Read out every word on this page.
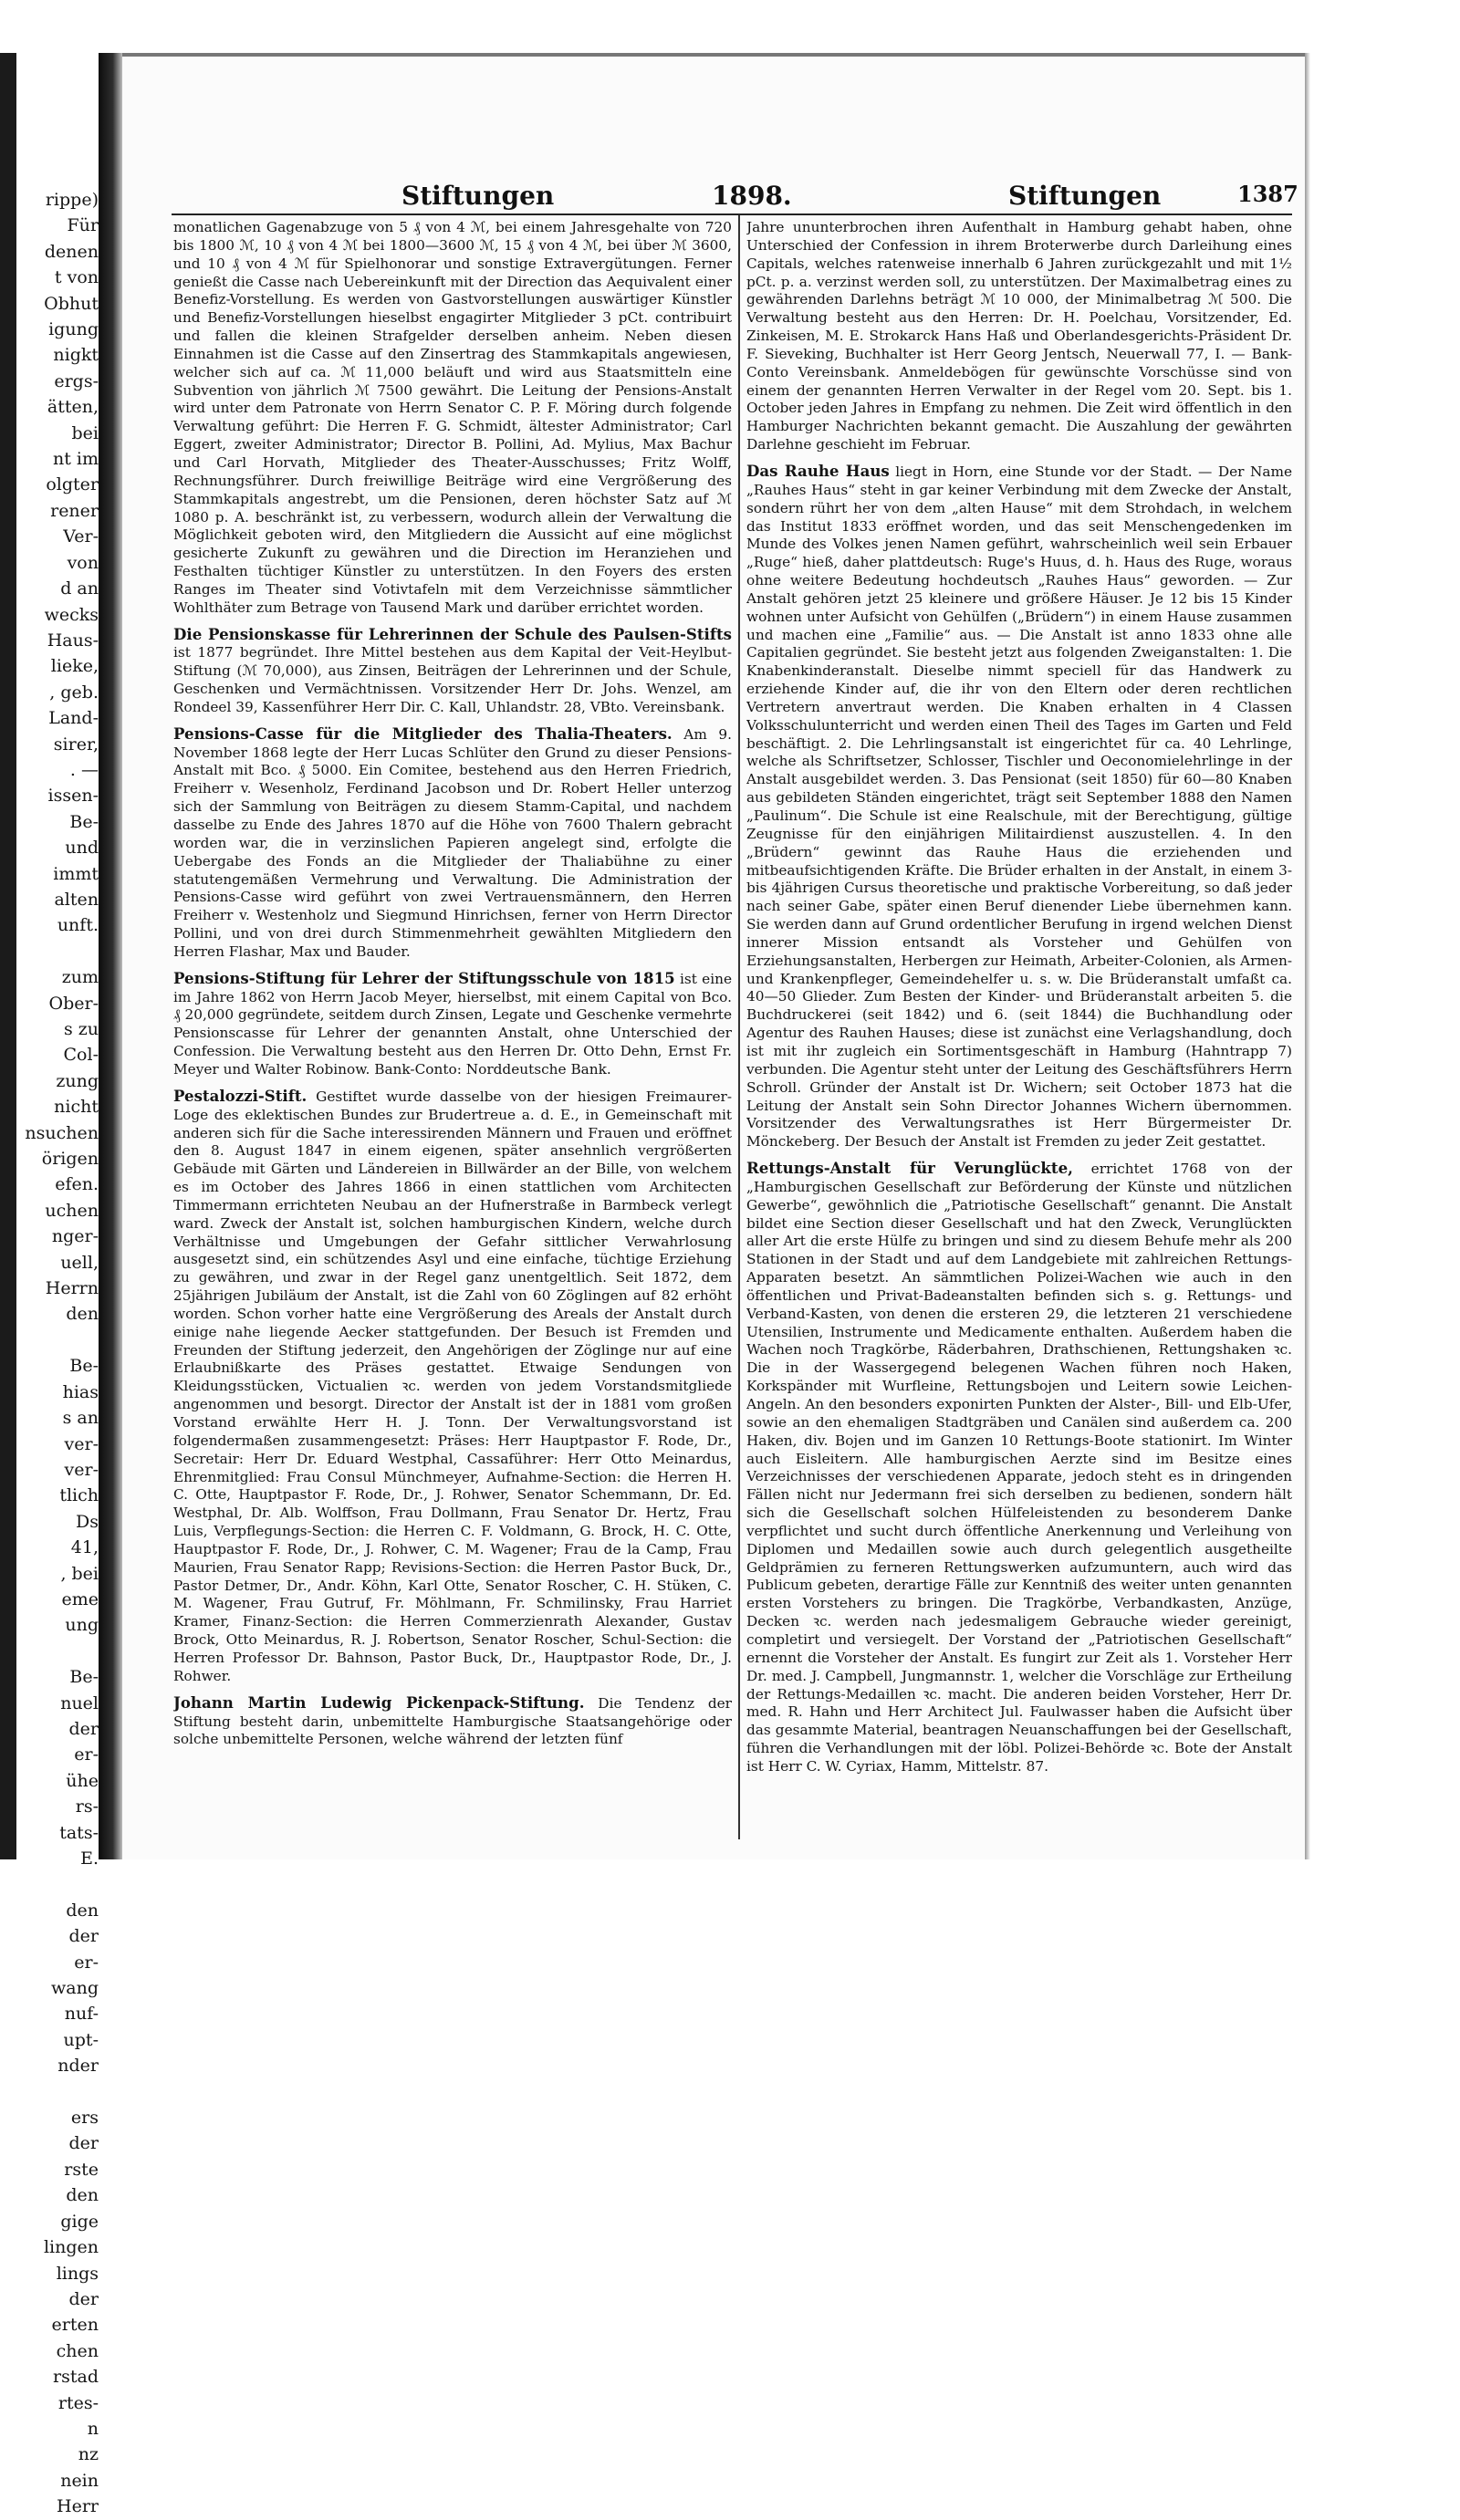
rippe)
Für
denen
t von
Obhut
igung
nigkt
ergs-
ätten,
bei
nt im
olgter
rener
Ver-
von
d an
wecks
Haus-
lieke,
, geb.
Land-
sirer,
. —
issen-
Be-
und
immt
alten
unft.

zum
Ober-
s zu
Col-
zung
nicht
nsuchen
örigen
efen.
uchen
nger-
uell,
Herrn
den

Be-
hias
s an
ver-
ver-
tlich
Ds
41,
, bei
eme
ung

Be-
nuel
der
er-
ühe
rs-
tats-
E.

den
der
er-
wang
nuf-
upt-
nder

ers
der
rste
den
gige
lingen
lings
der
erten
chen
rstad
rtes-
n
nz
nein
Herr
Stiftungen	1898.	Stiftungen	1387

monatlichen Gagenabzuge von 5 ₰ von 4 ℳ, bei einem Jahresgehalte von 720 bis 1800 ℳ, 10 ₰ von 4 ℳ bei 1800—3600 ℳ, 15 ₰ von 4 ℳ, bei über ℳ 3600, und 10 ₰ von 4 ℳ für Spielhonorar und sonstige Extravergütungen. Ferner genießt die Casse nach Uebereinkunft mit der Direction das Aequivalent einer Benefiz-Vorstellung. Es werden von Gastvorstellungen auswärtiger Künstler und Benefiz-Vorstellungen hieselbst engagirter Mitglieder 3 pCt. contribuirt und fallen die kleinen Strafgelder derselben anheim. Neben diesen Einnahmen ist die Casse auf den Zinsertrag des Stammkapitals angewiesen, welcher sich auf ca. ℳ 11,000 beläuft und wird aus Staatsmitteln eine Subvention von jährlich ℳ 7500 gewährt. Die Leitung der Pensions-Anstalt wird unter dem Patronate von Herrn Senator C. P. F. Möring durch folgende Verwaltung geführt: Die Herren F. G. Schmidt, ältester Administrator; Carl Eggert, zweiter Administrator; Director B. Pollini, Ad. Mylius, Max Bachur und Carl Horvath, Mitglieder des Theater-Ausschusses; Fritz Wolff, Rechnungsführer. Durch freiwillige Beiträge wird eine Vergrößerung des Stammkapitals angestrebt, um die Pensionen, deren höchster Satz auf ℳ 1080 p. A. beschränkt ist, zu verbessern, wodurch allein der Verwaltung die Möglichkeit geboten wird, den Mitgliedern die Aussicht auf eine möglichst gesicherte Zukunft zu gewähren und die Direction im Heranziehen und Festhalten tüchtiger Künstler zu unterstützen. In den Foyers des ersten Ranges im Theater sind Votivtafeln mit dem Verzeichnisse sämmtlicher Wohlthäter zum Betrage von Tausend Mark und darüber errichtet worden.

Die Pensionskasse für Lehrerinnen der Schule des Paulsen-Stifts ist 1877 begründet. Ihre Mittel bestehen aus dem Kapital der Veit-Heylbut-Stiftung (ℳ 70,000), aus Zinsen, Beiträgen der Lehrerinnen und der Schule, Geschenken und Vermächtnissen. Vorsitzender Herr Dr. Johs. Wenzel, am Rondeel 39, Kassenführer Herr Dir. C. Kall, Uhlandstr. 28, VBto. Vereinsbank.

Pensions-Casse für die Mitglieder des Thalia-Theaters. Am 9. November 1868 legte der Herr Lucas Schlüter den Grund zu dieser Pensions-Anstalt mit Bco. ₰ 5000. Ein Comitee, bestehend aus den Herren Friedrich, Freiherr v. Wesenholz, Ferdinand Jacobson und Dr. Robert Heller unterzog sich der Sammlung von Beiträgen zu diesem Stamm-Capital, und nachdem dasselbe zu Ende des Jahres 1870 auf die Höhe von 7600 Thalern gebracht worden war, die in verzinslichen Papieren angelegt sind, erfolgte die Uebergabe des Fonds an die Mitglieder der Thaliabühne zu einer statutengemäßen Vermehrung und Verwaltung. Die Administration der Pensions-Casse wird geführt von zwei Vertrauensmännern, den Herren Freiherr v. Westenholz und Siegmund Hinrichsen, ferner von Herrn Director Pollini, und von drei durch Stimmenmehrheit gewählten Mitgliedern den Herren Flashar, Max und Bauder.

Pensions-Stiftung für Lehrer der Stiftungsschule von 1815 ist eine im Jahre 1862 von Herrn Jacob Meyer, hierselbst, mit einem Capital von Bco. ₰ 20,000 gegründete, seitdem durch Zinsen, Legate und Geschenke vermehrte Pensionscasse für Lehrer der genannten Anstalt, ohne Unterschied der Confession. Die Verwaltung besteht aus den Herren Dr. Otto Dehn, Ernst Fr. Meyer und Walter Robinow. Bank-Conto: Norddeutsche Bank.

Pestalozzi-Stift. Gestiftet wurde dasselbe von der hiesigen Freimaurer-Loge des eklektischen Bundes zur Brudertreue a. d. E., in Gemeinschaft mit anderen sich für die Sache interessirenden Männern und Frauen und eröffnet den 8. August 1847 in einem eigenen, später ansehnlich vergrößerten Gebäude mit Gärten und Ländereien in Billwärder an der Bille, von welchem es im October des Jahres 1866 in einen stattlichen vom Architecten Timmermann errichteten Neubau an der Hufnerstraße in Barmbeck verlegt ward. Zweck der Anstalt ist, solchen hamburgischen Kindern, welche durch Verhältnisse und Umgebungen der Gefahr sittlicher Verwahrlosung ausgesetzt sind, ein schützendes Asyl und eine einfache, tüchtige Erziehung zu gewähren, und zwar in der Regel ganz unentgeltlich. Seit 1872, dem 25jährigen Jubiläum der Anstalt, ist die Zahl von 60 Zöglingen auf 82 erhöht worden. Schon vorher hatte eine Vergrößerung des Areals der Anstalt durch einige nahe liegende Aecker stattgefunden. Der Besuch ist Fremden und Freunden der Stiftung jederzeit, den Angehörigen der Zöglinge nur auf eine Erlaubnißkarte des Präses gestattet. Etwaige Sendungen von Kleidungsstücken, Victualien ꝛc. werden von jedem Vorstandsmitgliede angenommen und besorgt. Director der Anstalt ist der in 1881 vom großen Vorstand erwählte Herr H. J. Tonn. Der Verwaltungsvorstand ist folgendermaßen zusammengesetzt: Präses: Herr Hauptpastor F. Rode, Dr., Secretair: Herr Dr. Eduard Westphal, Cassaführer: Herr Otto Meinardus, Ehrenmitglied: Frau Consul Münchmeyer, Aufnahme-Section: die Herren H. C. Otte, Hauptpastor F. Rode, Dr., J. Rohwer, Senator Schemmann, Dr. Ed. Westphal, Dr. Alb. Wolffson, Frau Dollmann, Frau Senator Dr. Hertz, Frau Luis, Verpflegungs-Section: die Herren C. F. Voldmann, G. Brock, H. C. Otte, Hauptpastor F. Rode, Dr., J. Rohwer, C. M. Wagener; Frau de la Camp, Frau Maurien, Frau Senator Rapp; Revisions-Section: die Herren Pastor Buck, Dr., Pastor Detmer, Dr., Andr. Köhn, Karl Otte, Senator Roscher, C. H. Stüken, C. M. Wagener, Frau Gutruf, Fr. Möhlmann, Fr. Schmilinsky, Frau Harriet Kramer, Finanz-Section: die Herren Commerzienrath Alexander, Gustav Brock, Otto Meinardus, R. J. Robertson, Senator Roscher, Schul-Section: die Herren Professor Dr. Bahnson, Pastor Buck, Dr., Hauptpastor Rode, Dr., J. Rohwer.

Johann Martin Ludewig Pickenpack-Stiftung. Die Tendenz der Stiftung besteht darin, unbemittelte Hamburgische Staatsangehörige oder solche unbemittelte Personen, welche während der letzten fünf

Jahre ununterbrochen ihren Aufenthalt in Hamburg gehabt haben, ohne Unterschied der Confession in ihrem Broterwerbe durch Darleihung eines Capitals, welches ratenweise innerhalb 6 Jahren zurückgezahlt und mit 1½ pCt. p. a. verzinst werden soll, zu unterstützen. Der Maximalbetrag eines zu gewährenden Darlehns beträgt ℳ 10 000, der Minimalbetrag ℳ 500. Die Verwaltung besteht aus den Herren: Dr. H. Poelchau, Vorsitzender, Ed. Zinkeisen, M. E. Strokarck Hans Haß und Oberlandesgerichts-Präsident Dr. F. Sieveking, Buchhalter ist Herr Georg Jentsch, Neuerwall 77, I. — Bank-Conto Vereinsbank. Anmeldebögen für gewünschte Vorschüsse sind von einem der genannten Herren Verwalter in der Regel vom 20. Sept. bis 1. October jeden Jahres in Empfang zu nehmen. Die Zeit wird öffentlich in den Hamburger Nachrichten bekannt gemacht. Die Auszahlung der gewährten Darlehne geschieht im Februar.

Das Rauhe Haus liegt in Horn, eine Stunde vor der Stadt. — Der Name „Rauhes Haus“ steht in gar keiner Verbindung mit dem Zwecke der Anstalt, sondern rührt her von dem „alten Hause“ mit dem Strohdach, in welchem das Institut 1833 eröffnet worden, und das seit Menschengedenken im Munde des Volkes jenen Namen geführt, wahrscheinlich weil sein Erbauer „Ruge“ hieß, daher plattdeutsch: Ruge's Huus, d. h. Haus des Ruge, woraus ohne weitere Bedeutung hochdeutsch „Rauhes Haus“ geworden. — Zur Anstalt gehören jetzt 25 kleinere und größere Häuser. Je 12 bis 15 Kinder wohnen unter Aufsicht von Gehülfen („Brüdern“) in einem Hause zusammen und machen eine „Familie“ aus. — Die Anstalt ist anno 1833 ohne alle Capitalien gegründet. Sie besteht jetzt aus folgenden Zweiganstalten: 1. Die Knabenkinderanstalt. Dieselbe nimmt speciell für das Handwerk zu erziehende Kinder auf, die ihr von den Eltern oder deren rechtlichen Vertretern anvertraut werden. Die Knaben erhalten in 4 Classen Volksschulunterricht und werden einen Theil des Tages im Garten und Feld beschäftigt. 2. Die Lehrlingsanstalt ist eingerichtet für ca. 40 Lehrlinge, welche als Schriftsetzer, Schlosser, Tischler und Oeconomielehrlinge in der Anstalt ausgebildet werden. 3. Das Pensionat (seit 1850) für 60—80 Knaben aus gebildeten Ständen eingerichtet, trägt seit September 1888 den Namen „Paulinum“. Die Schule ist eine Realschule, mit der Berechtigung, gültige Zeugnisse für den einjährigen Militairdienst auszustellen. 4. In den „Brüdern“ gewinnt das Rauhe Haus die erziehenden und mitbeaufsichtigenden Kräfte. Die Brüder erhalten in der Anstalt, in einem 3- bis 4jährigen Cursus theoretische und praktische Vorbereitung, so daß jeder nach seiner Gabe, später einen Beruf dienender Liebe übernehmen kann. Sie werden dann auf Grund ordentlicher Berufung in irgend welchen Dienst innerer Mission entsandt als Vorsteher und Gehülfen von Erziehungsanstalten, Herbergen zur Heimath, Arbeiter-Colonien, als Armen- und Krankenpfleger, Gemeindehelfer u. s. w. Die Brüderanstalt umfaßt ca. 40—50 Glieder. Zum Besten der Kinder- und Brüderanstalt arbeiten 5. die Buchdruckerei (seit 1842) und 6. (seit 1844) die Buchhandlung oder Agentur des Rauhen Hauses; diese ist zunächst eine Verlagshandlung, doch ist mit ihr zugleich ein Sortimentsgeschäft in Hamburg (Hahntrapp 7) verbunden. Die Agentur steht unter der Leitung des Geschäftsführers Herrn Schroll. Gründer der Anstalt ist Dr. Wichern; seit October 1873 hat die Leitung der Anstalt sein Sohn Director Johannes Wichern übernommen. Vorsitzender des Verwaltungsrathes ist Herr Bürgermeister Dr. Mönckeberg. Der Besuch der Anstalt ist Fremden zu jeder Zeit gestattet.

Rettungs-Anstalt für Verunglückte, errichtet 1768 von der „Hamburgischen Gesellschaft zur Beförderung der Künste und nützlichen Gewerbe“, gewöhnlich die „Patriotische Gesellschaft“ genannt. Die Anstalt bildet eine Section dieser Gesellschaft und hat den Zweck, Verunglückten aller Art die erste Hülfe zu bringen und sind zu diesem Behufe mehr als 200 Stationen in der Stadt und auf dem Landgebiete mit zahlreichen Rettungs-Apparaten besetzt. An sämmtlichen Polizei-Wachen wie auch in den öffentlichen und Privat-Badeanstalten befinden sich s. g. Rettungs- und Verband-Kasten, von denen die ersteren 29, die letzteren 21 verschiedene Utensilien, Instrumente und Medicamente enthalten. Außerdem haben die Wachen noch Tragkörbe, Räderbahren, Drathschienen, Rettungshaken ꝛc. Die in der Wassergegend belegenen Wachen führen noch Haken, Korkspänder mit Wurfleine, Rettungsbojen und Leitern sowie Leichen-Angeln. An den besonders exponirten Punkten der Alster-, Bill- und Elb-Ufer, sowie an den ehemaligen Stadtgräben und Canälen sind außerdem ca. 200 Haken, div. Bojen und im Ganzen 10 Rettungs-Boote stationirt. Im Winter auch Eisleitern. Alle hamburgischen Aerzte sind im Besitze eines Verzeichnisses der verschiedenen Apparate, jedoch steht es in dringenden Fällen nicht nur Jedermann frei sich derselben zu bedienen, sondern hält sich die Gesellschaft solchen Hülfeleistenden zu besonderem Danke verpflichtet und sucht durch öffentliche Anerkennung und Verleihung von Diplomen und Medaillen sowie auch durch gelegentlich ausgetheilte Geldprämien zu ferneren Rettungswerken aufzumuntern, auch wird das Publicum gebeten, derartige Fälle zur Kenntniß des weiter unten genannten ersten Vorstehers zu bringen. Die Tragkörbe, Verbandkasten, Anzüge, Decken ꝛc. werden nach jedesmaligem Gebrauche wieder gereinigt, completirt und versiegelt. Der Vorstand der „Patriotischen Gesellschaft“ ernennt die Vorsteher der Anstalt. Es fungirt zur Zeit als 1. Vorsteher Herr Dr. med. J. Campbell, Jungmannstr. 1, welcher die Vorschläge zur Ertheilung der Rettungs-Medaillen ꝛc. macht. Die anderen beiden Vorsteher, Herr Dr. med. R. Hahn und Herr Architect Jul. Faulwasser haben die Aufsicht über das gesammte Material, beantragen Neuanschaffungen bei der Gesellschaft, führen die Verhandlungen mit der löbl. Polizei-Behörde ꝛc. Bote der Anstalt ist Herr C. W. Cyriax, Hamm, Mittelstr. 87.
